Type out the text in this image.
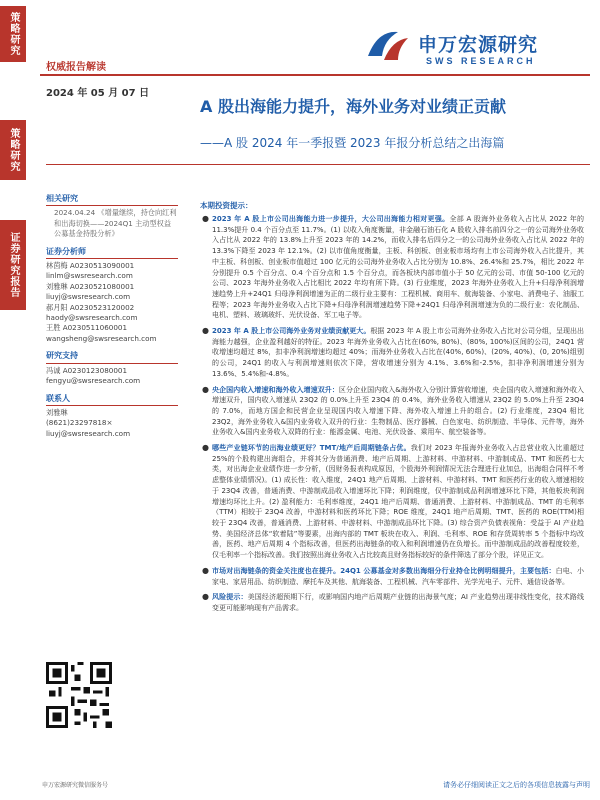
策略研究
策略研究
证券研究报告
权威报告解读
申万宏源研究
SWS RESEARCH
2024 年 05 月 07 日
A 股出海能力提升，海外业务对业绩正贡献
——A 股 2024 年一季报暨 2023 年报分析总结之出海篇
相关研究
2024.04.24 《增量继续，持仓向红利和出海切换——2024Q1 主动型权益公募基金持股分析》
证券分析师
林茵梅 A0230513090001
linlm@swsresearch.com
刘雅琳 A0230521080001
liuyj@swsresearch.com
郝月阳 A0230523120002
haody@swsresearch.com
王胜 A0230511060001
wangsheng@swsresearch.com
研究支持
冯诚 A0230123080001
fengyu@swsresearch.com
联系人
刘雅琳
(8621)23297818×
liuyj@swsresearch.com
申万宏源研究微信服务号
本期投资提示：
● 2023 年 A 股上市公司出海能力进一步提升，大公司出海能力相对更强。全部 A 股海外业务收入占比从 2022 年的 11.3%提升 0.4 个百分点至 11.7%。(1) 以收入角度衡量，非金融石油石化 A 股收入排名前四分之一的公司海外业务收入占比从 2022 年的 13.8%上升至 2023 年的 14.2%，而收入排名后四分之一的公司海外业务收入占比从 2022 年的 13.3%下降至 2023 年 12.1%。(2) 以市值角度衡量，主板、科创板、创业板市场均有上市公司海外收入占比提升，其中主板、科创板、创业板市值超过 100 亿元的公司海外业务收入占比分别为 10.8%、26.4%和 25.7%，相比 2022 年分别提升 0.5 个百分点、0.4 个百分点和 1.5 个百分点，而各板块内部市值小于 50 亿元的公司、市值 50-100 亿元的公司、2023 年海外业务收入占比相比 2022 年均有所下降。(3) 行业维度，2023 年海外业务收入上升+归母净利润增速趋势上升+24Q1 归母净利润增速为正的二级行业主要有：工程机械、商用车、航海装备、小家电、消费电子、油服工程等；2023 年海外业务收入占比下降+归母净利润增速趋势下降+24Q1 归母净利润增速为负的二级行业：农化制品、电机、塑料、玻璃玻纤、光伏设备、军工电子等。
● 2023 年 A 股上市公司海外业务对业绩贡献更大。根据 2023 年 A 股上市公司海外业务收入占比对公司分组，呈现出出海能力越强，企业盈利越好的特征。2023 年海外业务收入占比在(60%, 80%)、(80%, 100%)区间的公司，24Q1 营收增速均超过 8%，扣非净利润增速均超过 40%；而海外业务收入占比在(40%, 60%)、(20%, 40%)、(0, 20%)组别的公司，24Q1 的收入与利润增速则依次下降，营收增速分别为 4.1%、3.6%和-2.5%，扣非净利润增速分别为 13.6%、5.4%和-4.8%。
● 央企国内收入增速和海外收入增速双升：区分企业国内收入&海外收入分别计算营收增速，央企国内收入增速和海外收入增速双升，国内收入增速从 23Q2 的 0.0%上升至 23Q4 的 0.4%，海外业务收入增速从 23Q2 的 5.0%上升至 23Q4 的 7.0%，而地方国企和民营企业呈现国内收入增速下降、海外收入增速上升的组合。(2) 行业维度，23Q4 相比 23Q2，海外业务收入&国内业务收入双升的行业：生物制品、医疗器械、白色家电、纺织制造、半导体、元件等，海外业务收入&国内业务收入双降的行业：能源金属、电池、光伏设备、乘用车、航空装备等。
● 哪些产业链环节的出海业绩更好？TMT/地产后周期链条占优。我们对 2023 年报海外业务收入占总营业收入比重超过 25%的个股构建出海组合，并将其分为普通消费、地产后周期、上游材料、中游材料、中游制成品、TMT 和医药七大类，对出海企业业绩作进一步分析，(因财务报表构成原因，个股海外利润情况无法合理进行业加总，出海组合同样不考虑整体业绩情况)。(1) 成长性：收入维度，24Q1 地产后周期、上游材料、中游材料、TMT 和医药行业的收入增速相较于 23Q4 改善，普通消费、中游制成品收入增速环比下降；利润维度，仅中游制成品利润增速环比下降，其他板块利润增速均环比上升。(2) 盈利能力：毛利率维度，24Q1 地产后周期、普通消费、上游材料、中游制成品、TMT 的毛利率（TTM）相较于 23Q4 改善，中游材料和医药环比下降；ROE 维度，24Q1 地产后周期、TMT、医药的 ROE(TTM)相较于 23Q4 改善，普通消费、上游材料、中游材料、中游制成品环比下降。(3) 综合资产负债表视角：受益于 AI 产业趋势、美国经济总体“软着陆”等要素，出海内部的 TMT 板块在收入、利润、毛利率、ROE 和存货周转率 5 个指标中均改善，医药、地产后周期 4 个指标改善，但医药出海链条的收入和利润增速仍在负增长。而中游制成品的改善程度较差，仅毛利率一个指标改善。我们按照出海业务收入占比较高且财务指标较好的条件筛选了部分个股，详见正文。
● 市场对出海链条的资金关注度也在提升。24Q1 公募基金对多数出海细分行业持仓比例明细提升，主要包括：白电、小家电、家居用品、纺织制造、摩托车及其他、航海装备、工程机械、汽车零部件、光学光电子、元件、通信设备等。
● 风险提示：美国经济超预期下行，或影响国内地产后周期产业链的出海景气度；AI 产业趋势出现非线性变化，技术路线变更可能影响现有产品需求。
请务必仔细阅读正文之后的各项信息披露与声明
